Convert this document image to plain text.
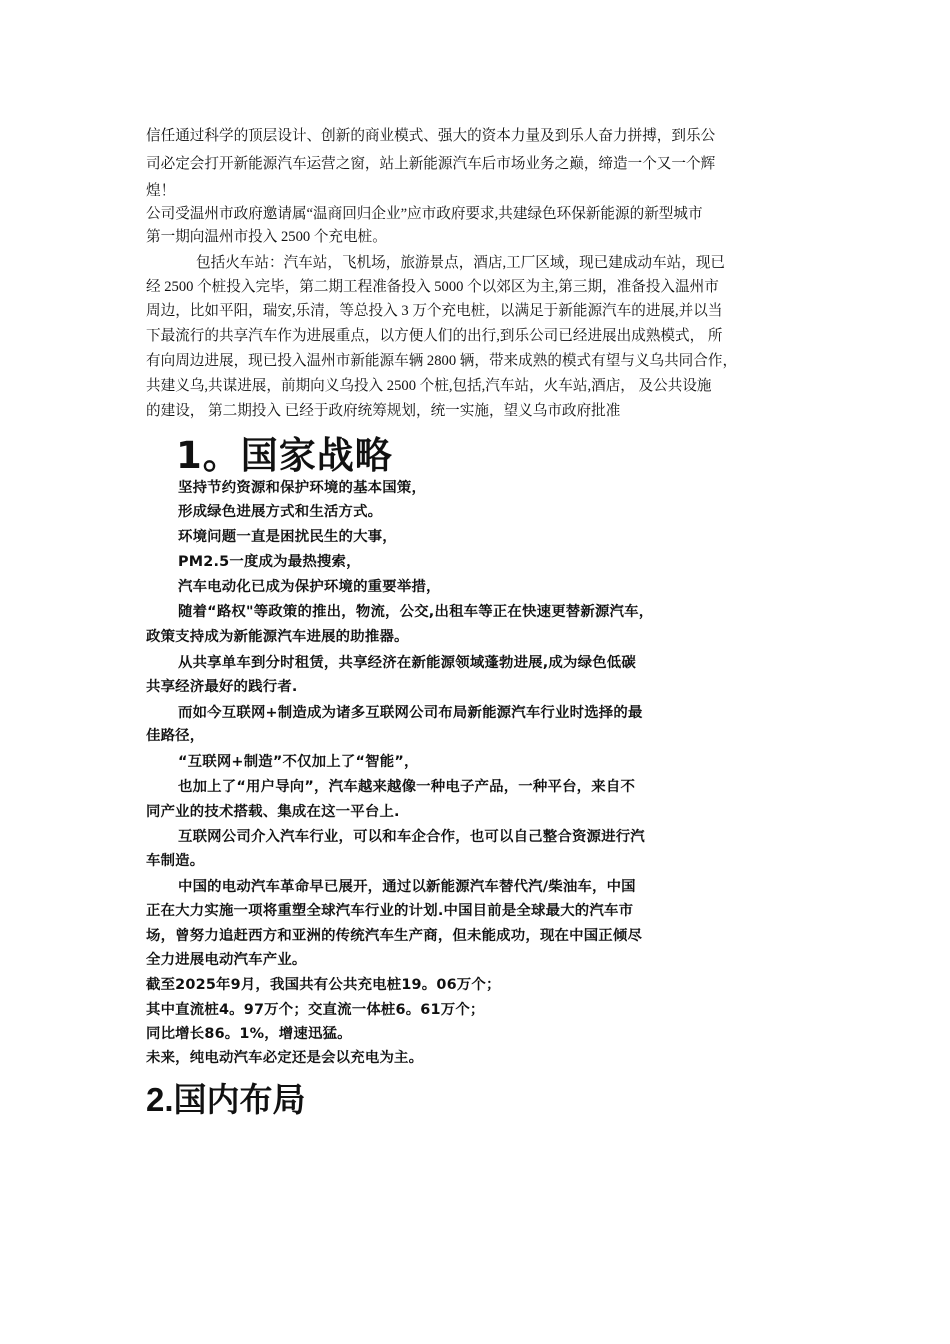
信任通过科学的顶层设计、创新的商业模式、强大的资本力量及到乐人奋力拼搏，到乐公
司必定会打开新能源汽车运营之窗，站上新能源汽车后市场业务之巅，缔造一个又一个辉
煌！
公司受温州市政府邀请属“温商回归企业”应市政府要求,共建绿色环保新能源的新型城市
第一期向温州市投入 2500 个充电桩。
包括火车站：汽车站，飞机场，旅游景点，酒店,工厂区域，现已建成动车站，现已
经 2500 个桩投入完毕，第二期工程准备投入 5000 个以郊区为主,第三期，准备投入温州市
周边，比如平阳，瑞安,乐清，等总投入 3 万个充电桩，以满足于新能源汽车的进展,并以当
下最流行的共享汽车作为进展重点，以方便人们的出行,到乐公司已经进展出成熟模式， 所
有向周边进展，现已投入温州市新能源车辆 2800 辆，带来成熟的模式有望与义乌共同合作，
共建义乌,共谋进展，前期向义乌投入 2500 个桩,包括,汽车站，火车站,酒店， 及公共设施
的建设， 第二期投入 已经于政府统筹规划，统一实施，望义乌市政府批准
1。国家战略
坚持节约资源和保护环境的基本国策，
形成绿色进展方式和生活方式。
环境问题一直是困扰民生的大事，
PM2.5一度成为最热搜索，
汽车电动化已成为保护环境的重要举措，
随着“路权"等政策的推出，物流，公交,出租车等正在快速更替新源汽车，
政策支持成为新能源汽车进展的助推器。
从共享单车到分时租赁，共享经济在新能源领域蓬勃进展,成为绿色低碳
共享经济最好的践行者.
而如今互联网+制造成为诸多互联网公司布局新能源汽车行业时选择的最
佳路径，
“互联网+制造”不仅加上了“智能”，
也加上了“用户导向”，汽车越来越像一种电子产品，一种平台，来自不
同产业的技术搭载、集成在这一平台上.
互联网公司介入汽车行业，可以和车企合作，也可以自己整合资源进行汽
车制造。
中国的电动汽车革命早已展开，通过以新能源汽车替代汽/柴油车，中国
正在大力实施一项将重塑全球汽车行业的计划.中国目前是全球最大的汽车市
场，曾努力追赶西方和亚洲的传统汽车生产商，但未能成功，现在中国正倾尽
全力进展电动汽车产业。
截至2025年9月，我国共有公共充电桩19。06万个；
其中直流桩4。97万个；交直流一体桩6。61万个；
同比增长86。1%，增速迅猛。
未来，纯电动汽车必定还是会以充电为主。
2.国内布局
